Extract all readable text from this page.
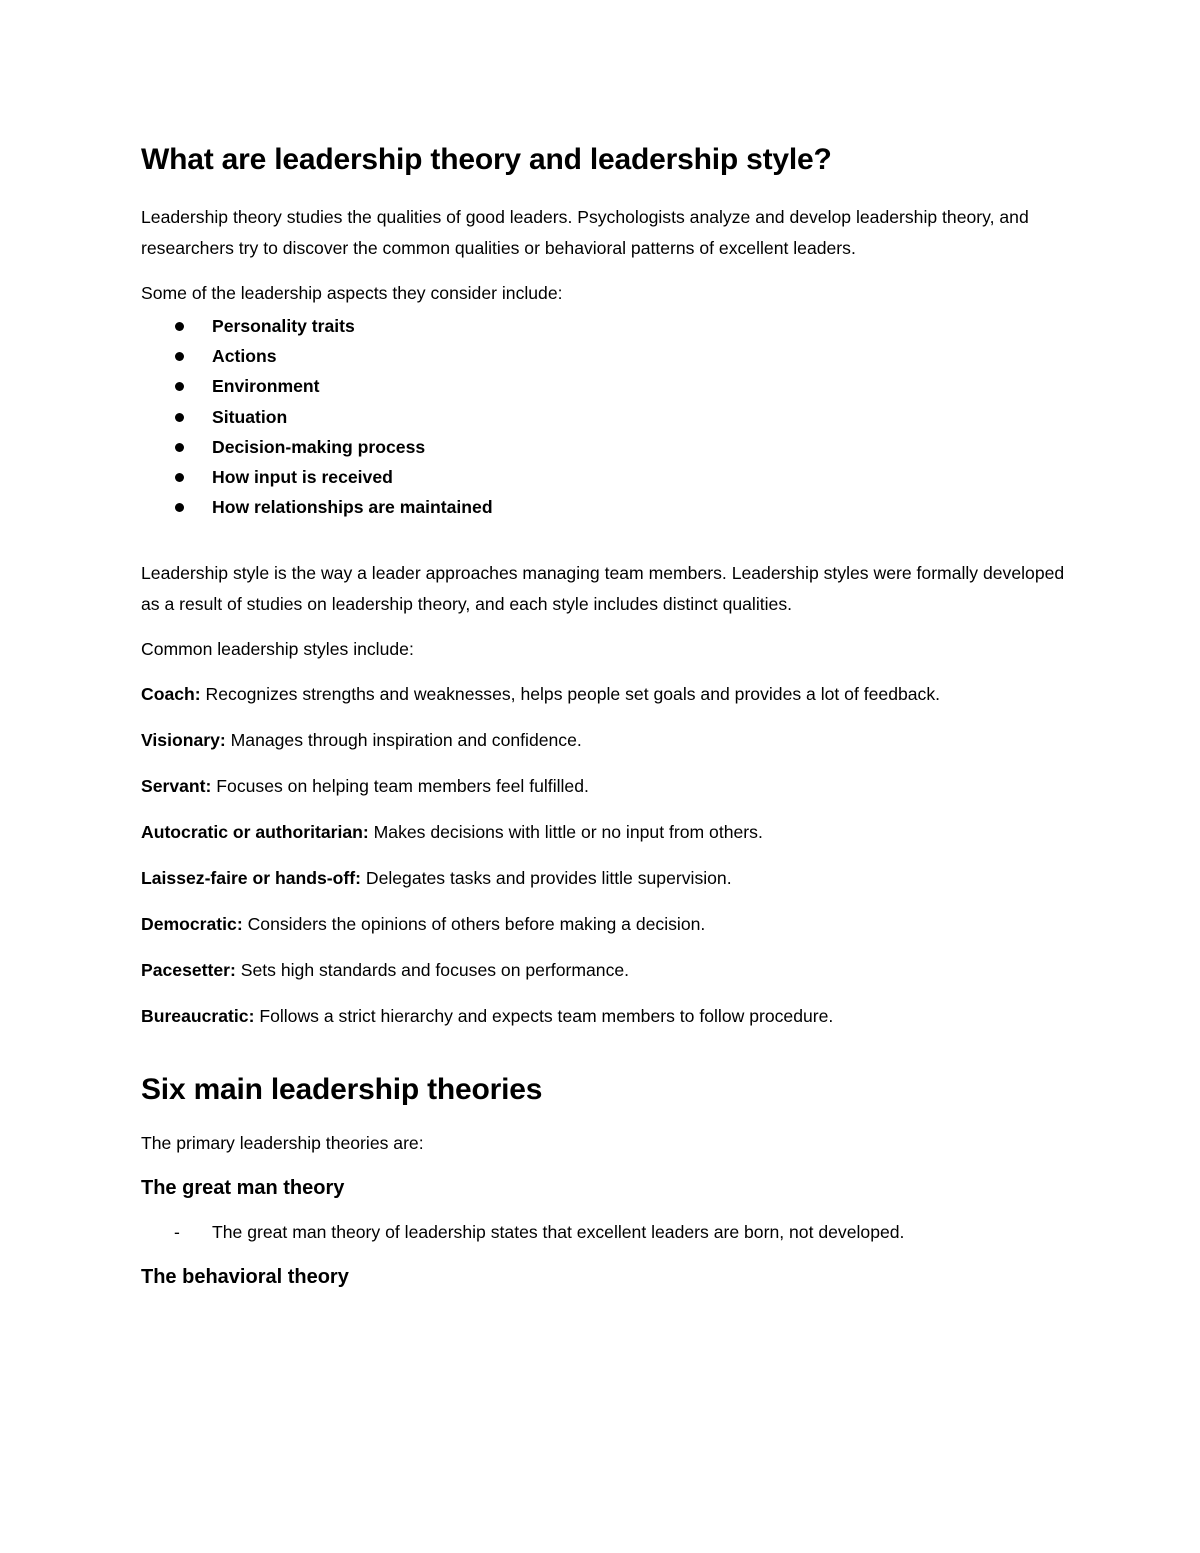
What are leadership theory and leadership style?

Leadership theory studies the qualities of good leaders. Psychologists analyze and develop leadership theory, and researchers try to discover the common qualities or behavioral patterns of excellent leaders.

Some of the leadership aspects they consider include:

Personality traits
Actions
Environment
Situation
Decision-making process
How input is received
How relationships are maintained

Leadership style is the way a leader approaches managing team members. Leadership styles were formally developed as a result of studies on leadership theory, and each style includes distinct qualities.

Common leadership styles include:

Coach: Recognizes strengths and weaknesses, helps people set goals and provides a lot of feedback.

Visionary: Manages through inspiration and confidence.

Servant: Focuses on helping team members feel fulfilled.

Autocratic or authoritarian: Makes decisions with little or no input from others.

Laissez-faire or hands-off: Delegates tasks and provides little supervision.

Democratic: Considers the opinions of others before making a decision.

Pacesetter: Sets high standards and focuses on performance.

Bureaucratic: Follows a strict hierarchy and expects team members to follow procedure.

Six main leadership theories

The primary leadership theories are:

The great man theory
- The great man theory of leadership states that excellent leaders are born, not developed.
The behavioral theory
